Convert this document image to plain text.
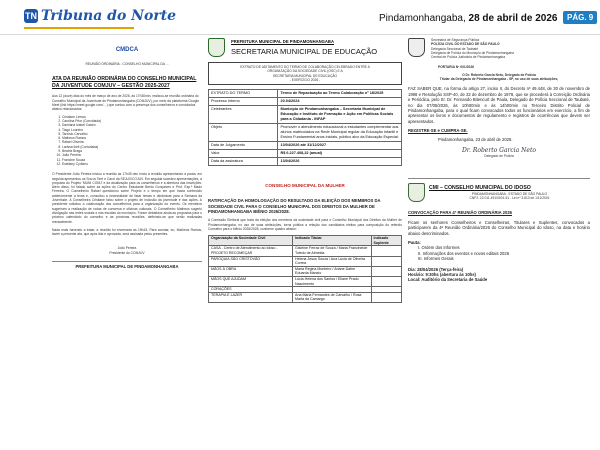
TN Tribuna do Norte	Pindamonhangaba, 28 de abril de 2026	PÁG. 9
CMDCA
REUNIÃO ORDINÁRIA - CONSELHO MUNICIPAL DA ...
ATA DA REUNIÃO ORDINÁRIA DO CONSELHO MUNICIPAL DA JUVENTUDE COMJUV – GESTÃO 2025-2027
Aos 12 (doze) dias do mês de março de ano de 2026, às 17h30min, realizou-se reunião ordinária do Conselho Municipal da Juventude de Pindamonhangaba (COMJUV), por meio da plataforma Google Meet (link https://meet.google.com/…) que contou com a presença dos conselheiros e convidados abaixo relacionados:
1. Cristiane Lemos
2. Carolina Prior (Convidada)
3. Damiana Izabel Castro
4. Tiago Loureiro
5. Tarcísio Carvalho
6. Matheus Ramos
7. Rafael Oliveira
8. Larissa Ikeli (Convidada)
9. Beatriz Braga
10. João Pereira
11. Francine Souza
12. Estefany Cyrilano
O Presidente João Pereira iniciou a reunião às 17h45 deu início à reunião apresentando a pauta, em seguida apresentou os Sra.os Terri e Carol da SEJUV/COJUV. Em seguida sucedeu apresentações, a proposta do Projeto 'MUNI COMJ' e da atualização para os conselheiros e a abertura das inscrições. Além disso, foi falado sobre as ações do Centro Estudante Bento Gonçalves e Prof. Esp.ª Mado Ferreira. O Conselheiro Rafael questionou sobre Projeto e o tempo em que havia conhecido anteriormente a tema e, consultou a necessidade de listar temas e dinâmicas para a Semana da Juventude. A Conselheira Cristiane falou sobre o projeto de inclusão da juventude e das ações. A presidente solicitou a colaboração dos conselheiros para a organização do evento. Os membros sugeriram a realização de rodas de conversa e oficinas culturais. O Conselheiro Matheus sugeriu divulgação nas redes sociais e nas escolas do município. Foram debatidos ainda as propostas para o próximo calendário do conselho e as próximas reuniões, definindo-se que serão realizadas mensalmente.
Nada mais havendo a tratar, a reunião foi encerrada às 19h15. Para constar, eu, Matheus Ramos, lavrei a presente ata, que após lida e aprovada, será assinada pelos presentes.
João Pereira
Presidente do COMJUV
PREFEITURA MUNICIPAL DE PINDAMONHANGABA
PREFEITURA MUNICIPAL DE PINDAMONHANGABA
SECRETARIA MUNICIPAL DE EDUCAÇÃO
EXTRATO DE ADITAMENTO DO TERMO DE COLABORAÇÃO CELEBRADO ENTRE A
ORGANIZAÇÃO DA SOCIEDADE CIVIL (OSC) E A
SECRETARIA MUNICIPAL DE EDUCAÇÃO
- EXERCÍCIO 2026 -
EXTRATO DO TERMO	Termo de Repactuação ao Termo Colaboração nº 18/2025
Processo Interno	20.04/2024
Celebrantes	Município de Pindamonhangaba – Secretaria Municipal de Educação e Instituto de Formação e Ação em Políticas Sociais para a Cidadania - INFAP
Objeto	Promover o atendimento educacional a estudantes complementar aos alunos matriculados na Rede Municipal regular da Educação Infantil e Ensino Fundamental anos iniciais, público alvo da Educação Especial.
Data de Julgamento	13/04/2026 até 31/12/2027
Valor	R$ 6.227.408,22 (anual)
Data da assinatura	13/04/2026
CONSELHO MUNICIPAL DA MULHER
RATIFICAÇÃO DA HOMOLOGAÇÃO DO RESULTADO DA ELEIÇÃO DOS MEMBROS DA SOCIEDADE CIVIL PARA O CONSELHO MUNICIPAL DOS DIREITOS DA MULHER DE PINDAMONHANGABA BIÊNIO 2026/2028.
A Comissão Eleitoral que trata da eleição dos membros da sociedade civil para o Conselho Municipal dos Direitos da Mulher de Pindamonhangaba, no uso de suas atribuições, torna pública a relação dos candidatos eleitos para composição do referido Conselho para o biênio 2026/2028, conforme quadro abaixo:
Organização da Sociedade Civil	Indicado Titular	Indicado Suplente
CASA - Centro de Atendimento ao Idoso - PROJETO RECOMEÇAR	Gisleine Ferraz de Souza / Maria Francineide Toledo de Almeida	
PAROQUIA SÃO CRISTOVÃO	Helena Jesus Souza / Ana Lúcia de Oliveira Correa	
MÃOS À OBRA	Maria Regina Monteiro / Ariane Dafne Eduarda Manzio	
MÃOS QUE AJUDAM	Lúcia Helena dos Santos / Eliane Prado Nascimento	
CORAÇÕES		
TERAPIA E LAZER	Ana Maria Fernandes de Carvalho / Rosa Maria da Camargo	
Secretaria de Segurança Pública
POLÍCIA CIVIL DO ESTADO DE SÃO PAULO
Delegacia Seccional de Taubaté
Delegacia de Polícia do Município de Pindamonhangaba
Central de Polícia Judiciária de Pindamonhangaba
PORTARIA Nº 001/2026
O Dr. Roberto Garcia Neto, Delegado de Polícia
Titular da Delegacia de Pindamonhangaba - SP, no uso de suas atribuições,
FAZ SABER QUE, na forma do artigo 27, inciso II, do Decreto nº 49.448, de 30 de novembro de 1998 e Resolução SSP-40, de 22 de dezembro de 1978, que se procederá à Correição Ordinária e Periódica, pelo Sr. Dr. Fernando Bitencurt de Paula, Delegado de Polícia Seccional de Taubaté, no dia 07/05/2026, às 10h00min e às 14h00min no Terceiro Distrito Policial de Pindamonhangaba, para o qual ficam convocados todos os funcionários em exercício, a fim de apresentar os livros e documentos de regulamento e registros de ocorrências que devem ser apresentados.
REGISTRE-SE e CUMPRA-SE.
Pindamonhangaba, 23 de abril de 2026.
Dr. Roberto Garcia Neto
Delegado de Polícia
CMI – CONSELHO MUNICIPAL DO IDOSO
PINDAMONHANGABA - ESTADO DE SÃO PAULO
CNPJ: 22.011.491/0001-51 - Lei nº 3.813 de 1/11/2001
CONVOCAÇÃO PARA 4ª REUNIÃO ORDINÁRIA 2026
Ficam os senhores Conselheiros e Conselheiras, Titulares e Suplentes, convocados a participarem da 4ª Reunião Ordinária/2026 do Conselho Municipal do Idoso, na data e horário abaixo descriminados.
Pauta:
I. Ordem dos Informes
II. Informações dos eventos e novos editais 2026
III. Informes Gerais
Dia: 28/04/2026 (Terça-feira)
Horário: 9:30hs (abertura às 10hs)
Local: Auditório da Secretaria de Saúde
